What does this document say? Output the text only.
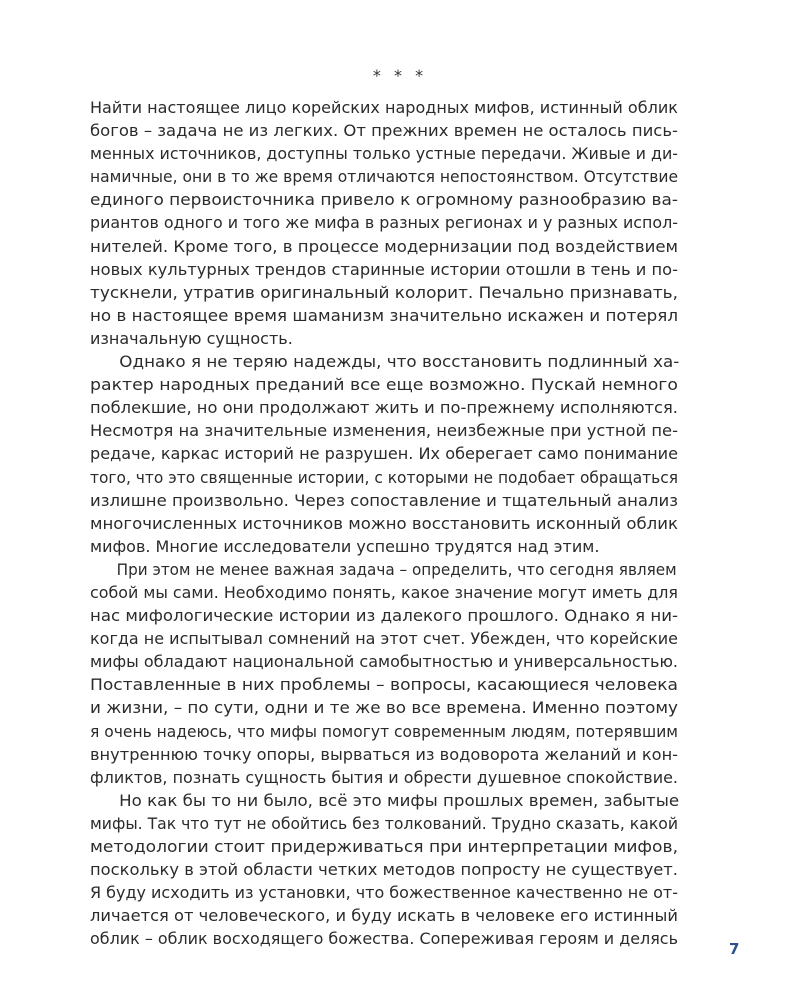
* * *
Найти настоящее лицо корейских народных мифов, истинный облик
богов – задача не из легких. От прежних времен не осталось пись-
менных источников, доступны только устные передачи. Живые и ди-
намичные, они в то же время отличаются непостоянством. Отсутствие
единого первоисточника привело к огромному разнообразию ва-
риантов одного и того же мифа в разных регионах и у разных испол-
нителей. Кроме того, в процессе модернизации под воздействием
новых культурных трендов старинные истории отошли в тень и по-
тускнели, утратив оригинальный колорит. Печально признавать,
но в настоящее время шаманизм значительно искажен и потерял
изначальную сущность.
Однако я не теряю надежды, что восстановить подлинный ха-
рактер народных преданий все еще возможно. Пускай немного
поблекшие, но они продолжают жить и по-прежнему исполняются.
Несмотря на значительные изменения, неизбежные при устной пе-
редаче, каркас историй не разрушен. Их оберегает само понимание
того, что это священные истории, с которыми не подобает обращаться
излишне произвольно. Через сопоставление и тщательный анализ
многочисленных источников можно восстановить исконный облик
мифов. Многие исследователи успешно трудятся над этим.
При этом не менее важная задача – определить, что сегодня являем
собой мы сами. Необходимо понять, какое значение могут иметь для
нас мифологические истории из далекого прошлого. Однако я ни-
когда не испытывал сомнений на этот счет. Убежден, что корейские
мифы обладают национальной самобытностью и универсальностью.
Поставленные в них проблемы – вопросы, касающиеся человека
и жизни, – по сути, одни и те же во все времена. Именно поэтому
я очень надеюсь, что мифы помогут современным людям, потерявшим
внутреннюю точку опоры, вырваться из водоворота желаний и кон-
фликтов, познать сущность бытия и обрести душевное спокойствие.
Но как бы то ни было, всё это мифы прошлых времен, забытые
мифы. Так что тут не обойтись без толкований. Трудно сказать, какой
методологии стоит придерживаться при интерпретации мифов,
поскольку в этой области четких методов попросту не существует.
Я буду исходить из установки, что божественное качественно не от-
личается от человеческого, и буду искать в человеке его истинный
облик – облик восходящего божества. Сопереживая героям и делясь
7
